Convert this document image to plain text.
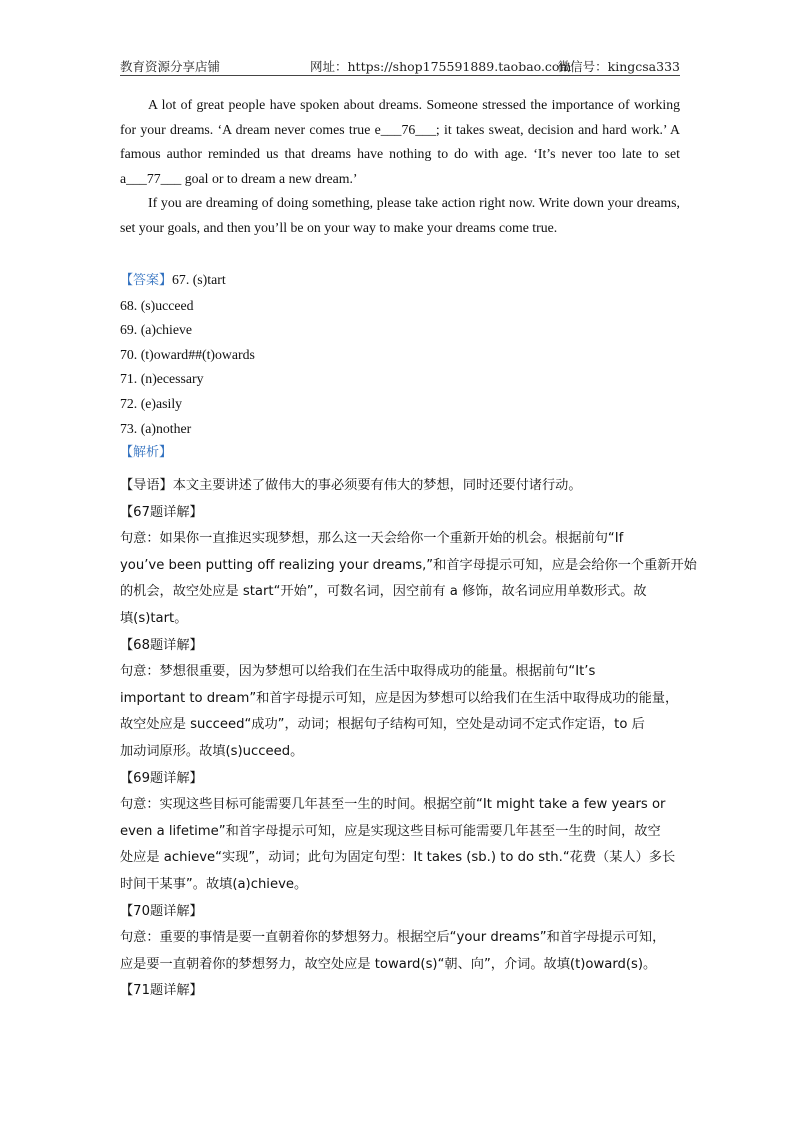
教育资源分享店铺	网址：https://shop175591889.taobao.com
微信号：kingcsa333

A lot of great people have spoken about dreams. Someone stressed the importance of working for your dreams. ‘A dream never comes true e___76___; it takes sweat, decision and hard work.’ A famous author reminded us that dreams have nothing to do with age. ‘It’s never too late to set a___77___ goal or to dream a new dream.’

If you are dreaming of doing something, please take action right now. Write down your dreams, set your goals, and then you’ll be on your way to make your dreams come true.

【答案】67. (s)tart
68. (s)ucceed
69. (a)chieve
70. (t)oward##(t)owards
71. (n)ecessary
72. (e)asily
73. (a)nother
【解析】
【导语】本文主要讲述了做伟大的事必须要有伟大的梦想，同时还要付诸行动。
【67题详解】
句意：如果你一直推迟实现梦想，那么这一天会给你一个重新开始的机会。根据前句“If
you’ve been putting off realizing your dreams,”和首字母提示可知，应是会给你一个重新开始
的机会，故空处应是 start“开始”，可数名词，因空前有 a 修饰，故名词应用单数形式。故
填(s)tart。
【68题详解】
句意：梦想很重要，因为梦想可以给我们在生活中取得成功的能量。根据前句“It’s
important to dream”和首字母提示可知，应是因为梦想可以给我们在生活中取得成功的能量，
故空处应是 succeed“成功”，动词；根据句子结构可知，空处是动词不定式作定语，to 后
加动词原形。故填(s)ucceed。
【69题详解】
句意：实现这些目标可能需要几年甚至一生的时间。根据空前“It might take a few years or
even a lifetime”和首字母提示可知，应是实现这些目标可能需要几年甚至一生的时间，故空
处应是 achieve“实现”，动词；此句为固定句型：It takes (sb.) to do sth.“花费（某人）多长
时间干某事”。故填(a)chieve。
【70题详解】
句意：重要的事情是要一直朝着你的梦想努力。根据空后“your dreams”和首字母提示可知，
应是要一直朝着你的梦想努力，故空处应是 toward(s)“朝、向”，介词。故填(t)oward(s)。
【71题详解】
